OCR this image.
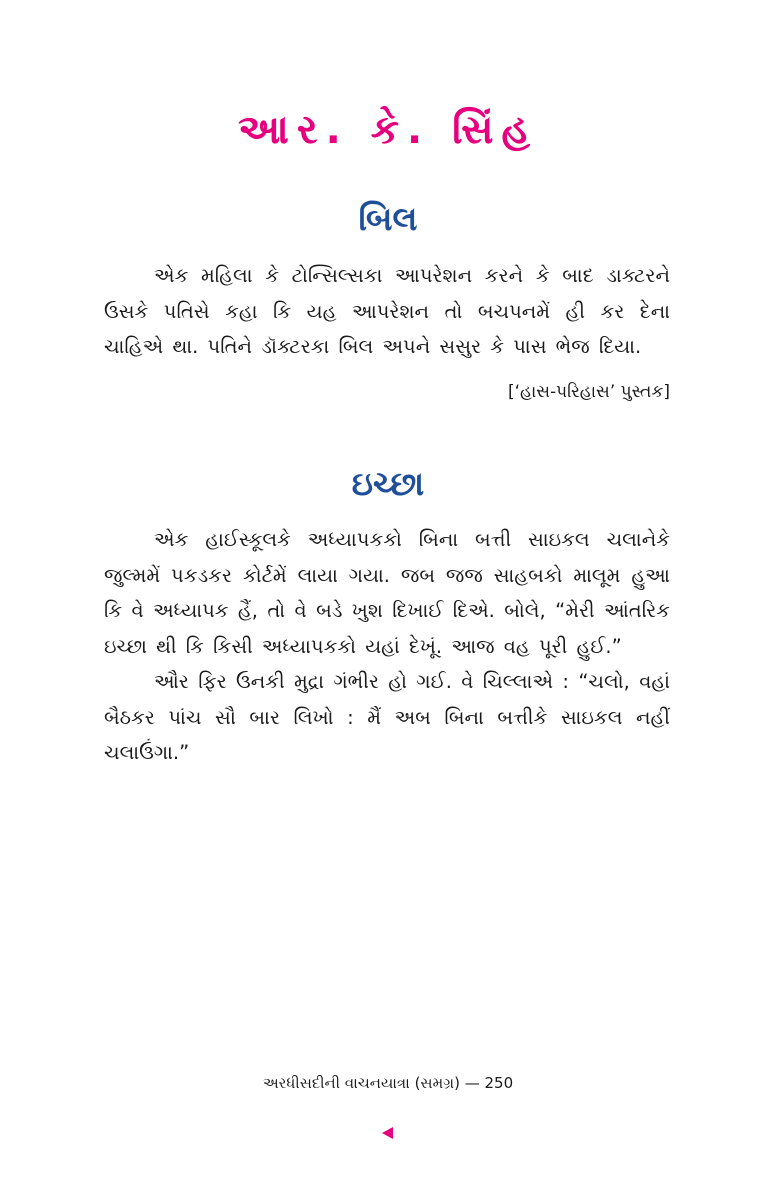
આર. કે. સિંહ
બિલ

એક મહિલા કે ટોન્સિલ્સકા આપરેશન કરને કે બાદ ડાક્ટરને ઉસકે પતિસે કહા કિ યહ આપરેશન તો બચપનમેં હી કર દેના ચાહિએ થા. પતિને ડૉક્ટરકા બિલ અપને સસુર કે પાસ ભેજ દિયા.

[‘હાસ-પરિહાસ’ પુસ્તક]
ઇચ્છા

એક હાઈસ્કૂલકે અધ્યાપકકો બિના બત્તી સાઇકલ ચલાનેકે જુલ્મમેં પકડકર કોર્ટમેં લાયા ગયા. જબ જજ સાહબકો માલૂમ હુઆ કિ વે અધ્યાપક હૈં, તો વે બડે ખુશ દિખાઈ દિએ. બોલે, “મેરી આંતરિક ઇચ્છા થી કિ કિસી અધ્યાપકકો યહાં દેખૂં. આજ વહ પૂરી હુઈ.”

ઔર ફિર ઉનકી મુદ્રા ગંભીર હો ગઈ. વે ચિલ્લાએ : “ચલો, વહાં બૈઠકર પાંચ સૌ બાર લિખો : મૈં અબ બિના બત્તીકે સાઇકલ નહીં ચલાઉંગા.”

અરધીસદીની વાચનયાત્રા (સમગ્ર) — 250
